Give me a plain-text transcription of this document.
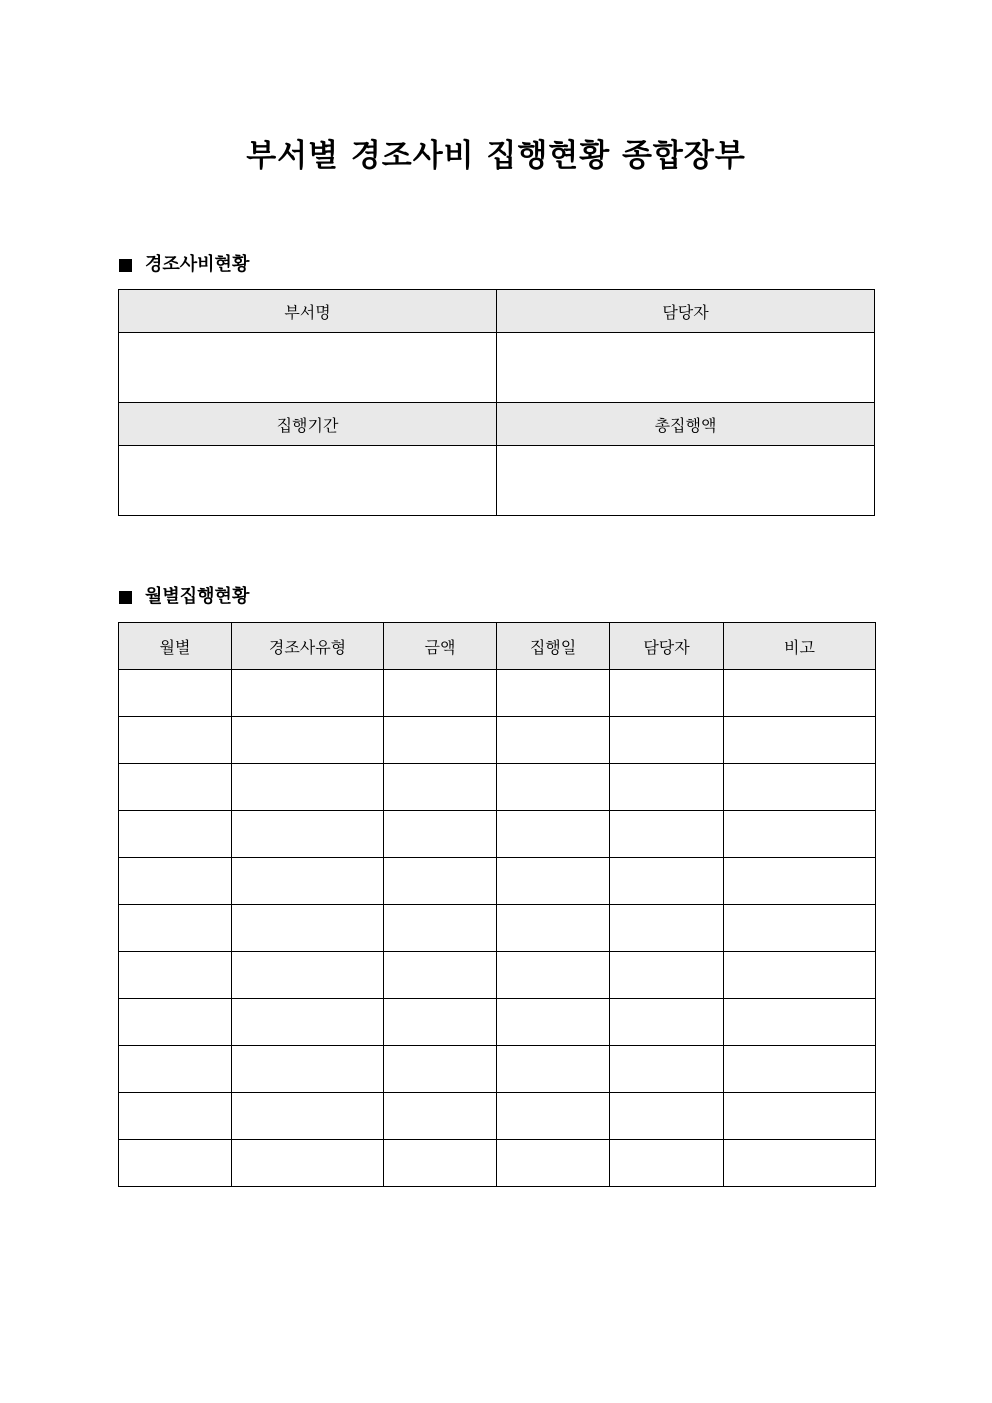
부서별 경조사비 집행현황 종합장부
경조사비현황
부서명	담당자

집행기간	총집행액

월별집행현황
월별	경조사유형	금액	집행일	담당자	비고
